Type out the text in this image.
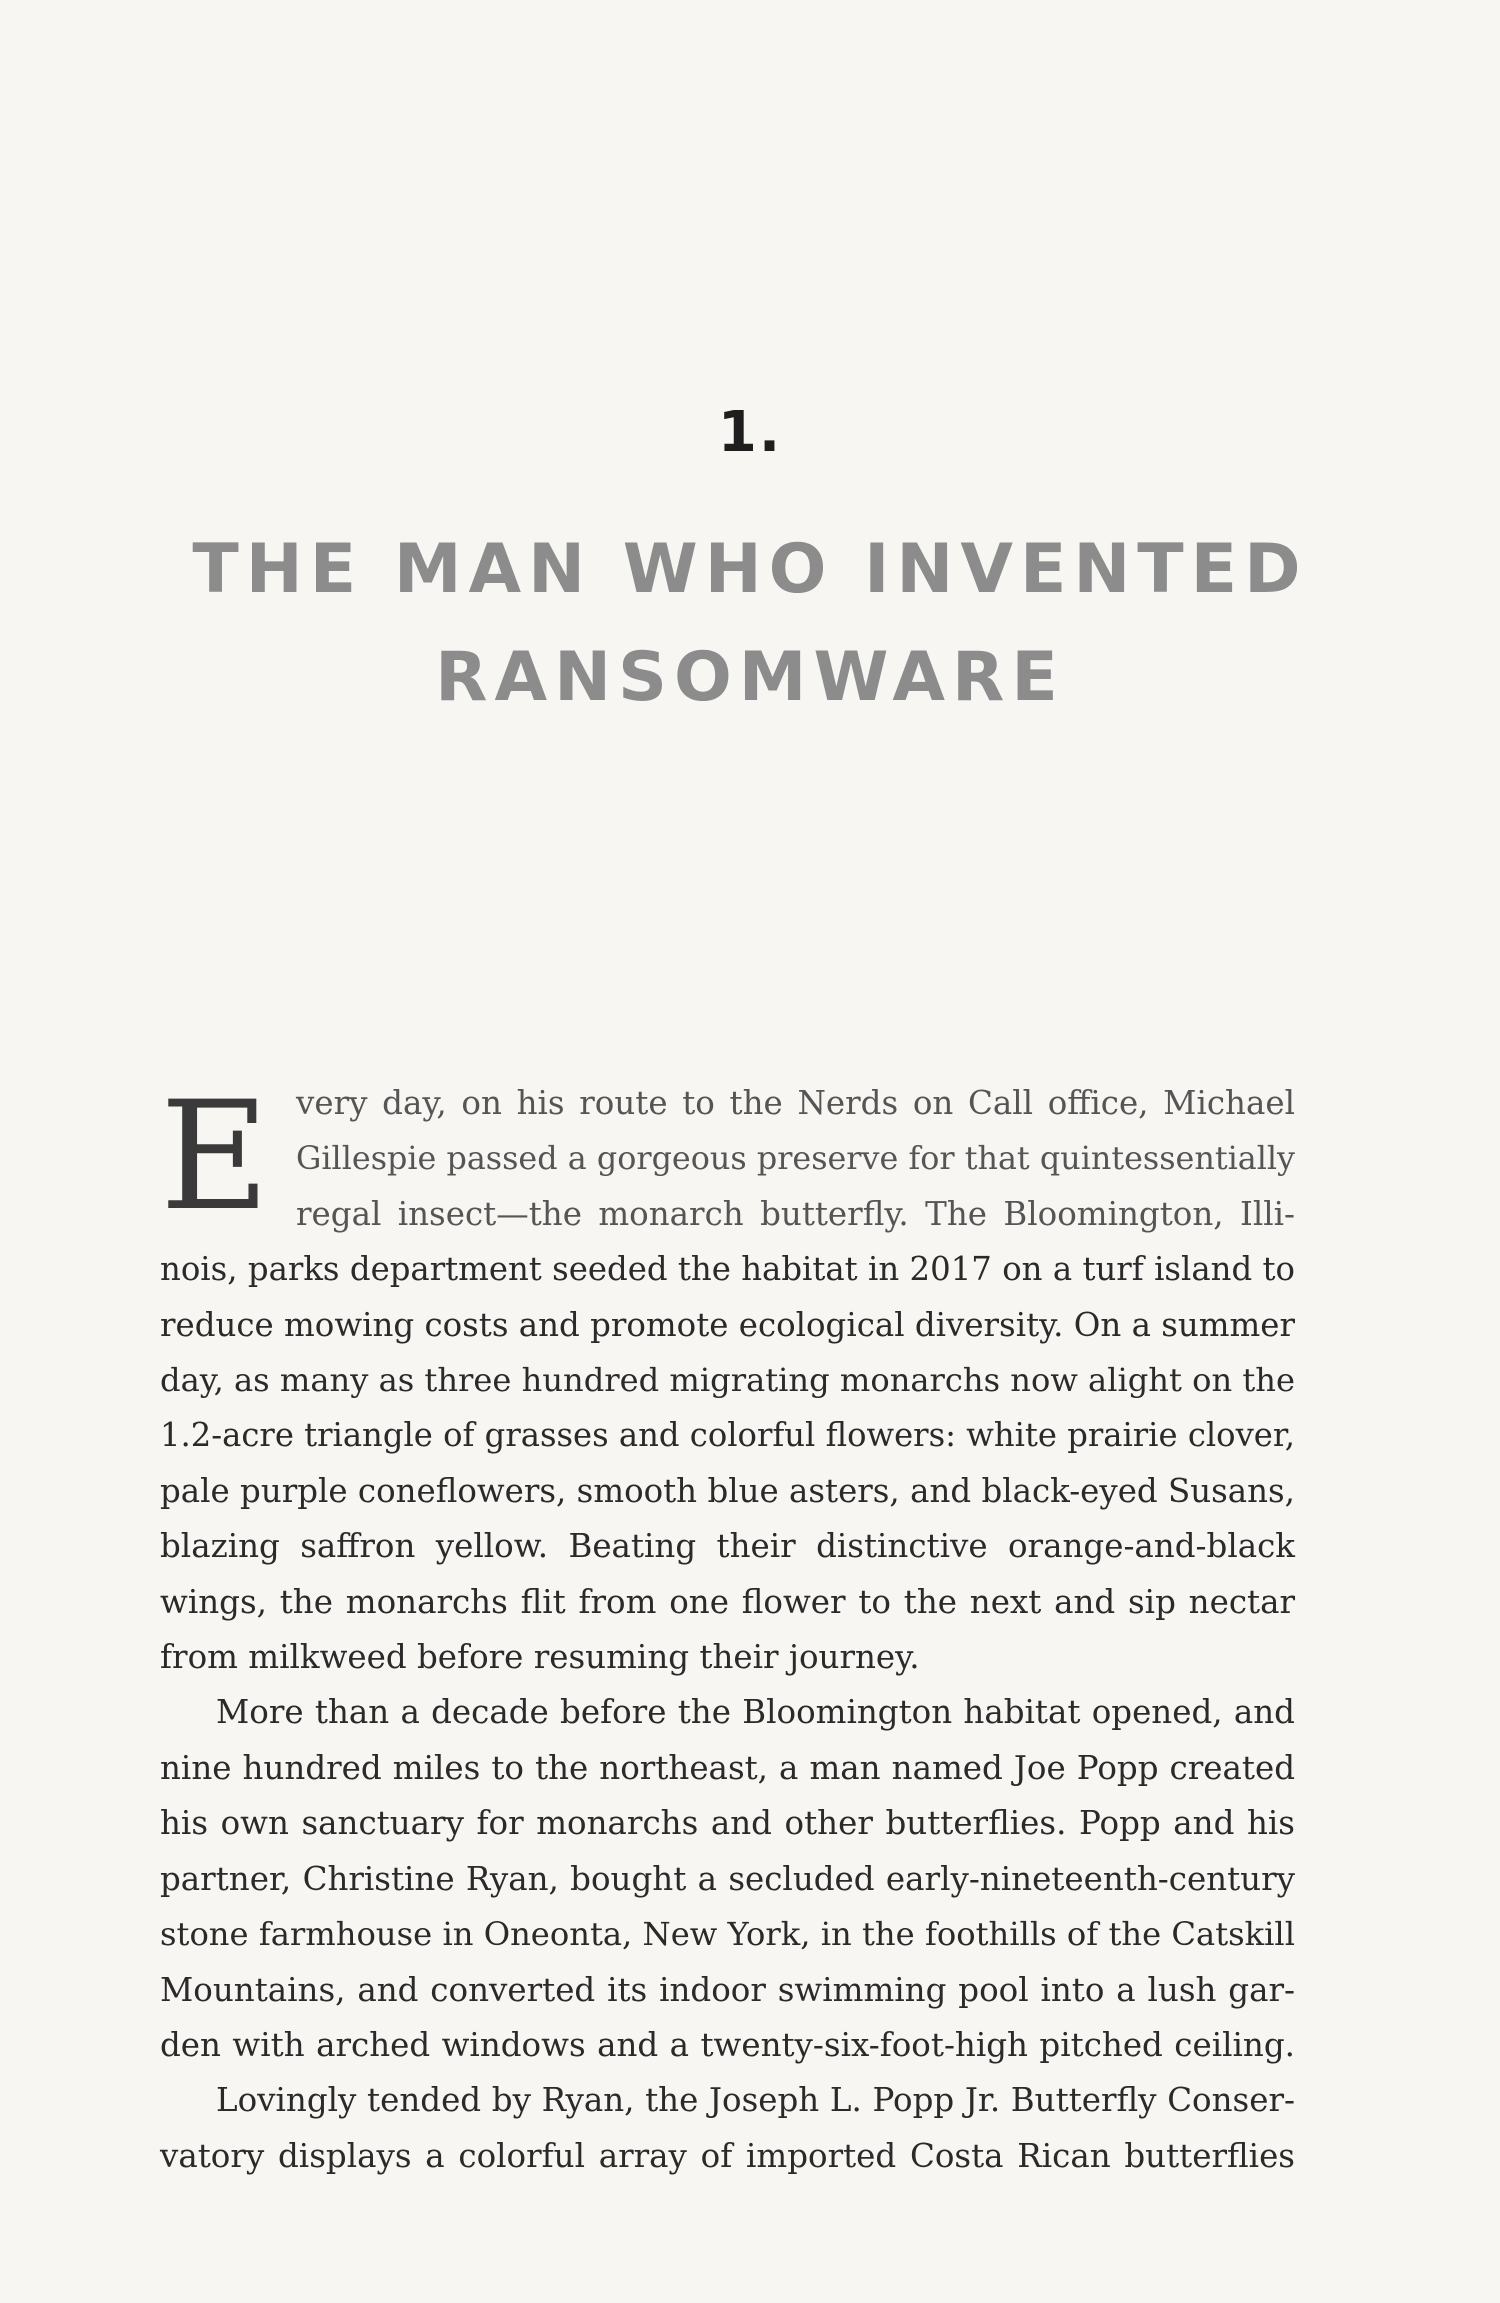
1.
THE MAN WHO INVENTED
RANSOMWARE
E very day, on his route to the Nerds on Call office, Michael
Gillespie passed a gorgeous preserve for that quintessentially
regal insect—the monarch butterfly. The Bloomington, Illi-
nois, parks department seeded the habitat in 2017 on a turf island to
reduce mowing costs and promote ecological diversity. On a summer
day, as many as three hundred migrating monarchs now alight on the
1.2-acre triangle of grasses and colorful flowers: white prairie clover,
pale purple coneflowers, smooth blue asters, and black-eyed Susans,
blazing saffron yellow. Beating their distinctive orange-and-black
wings, the monarchs flit from one flower to the next and sip nectar
from milkweed before resuming their journey.
More than a decade before the Bloomington habitat opened, and
nine hundred miles to the northeast, a man named Joe Popp created
his own sanctuary for monarchs and other butterflies. Popp and his
partner, Christine Ryan, bought a secluded early-nineteenth-century
stone farmhouse in Oneonta, New York, in the foothills of the Catskill
Mountains, and converted its indoor swimming pool into a lush gar-
den with arched windows and a twenty-six-foot-high pitched ceiling.
Lovingly tended by Ryan, the Joseph L. Popp Jr. Butterfly Conser-
vatory displays a colorful array of imported Costa Rican butterflies
